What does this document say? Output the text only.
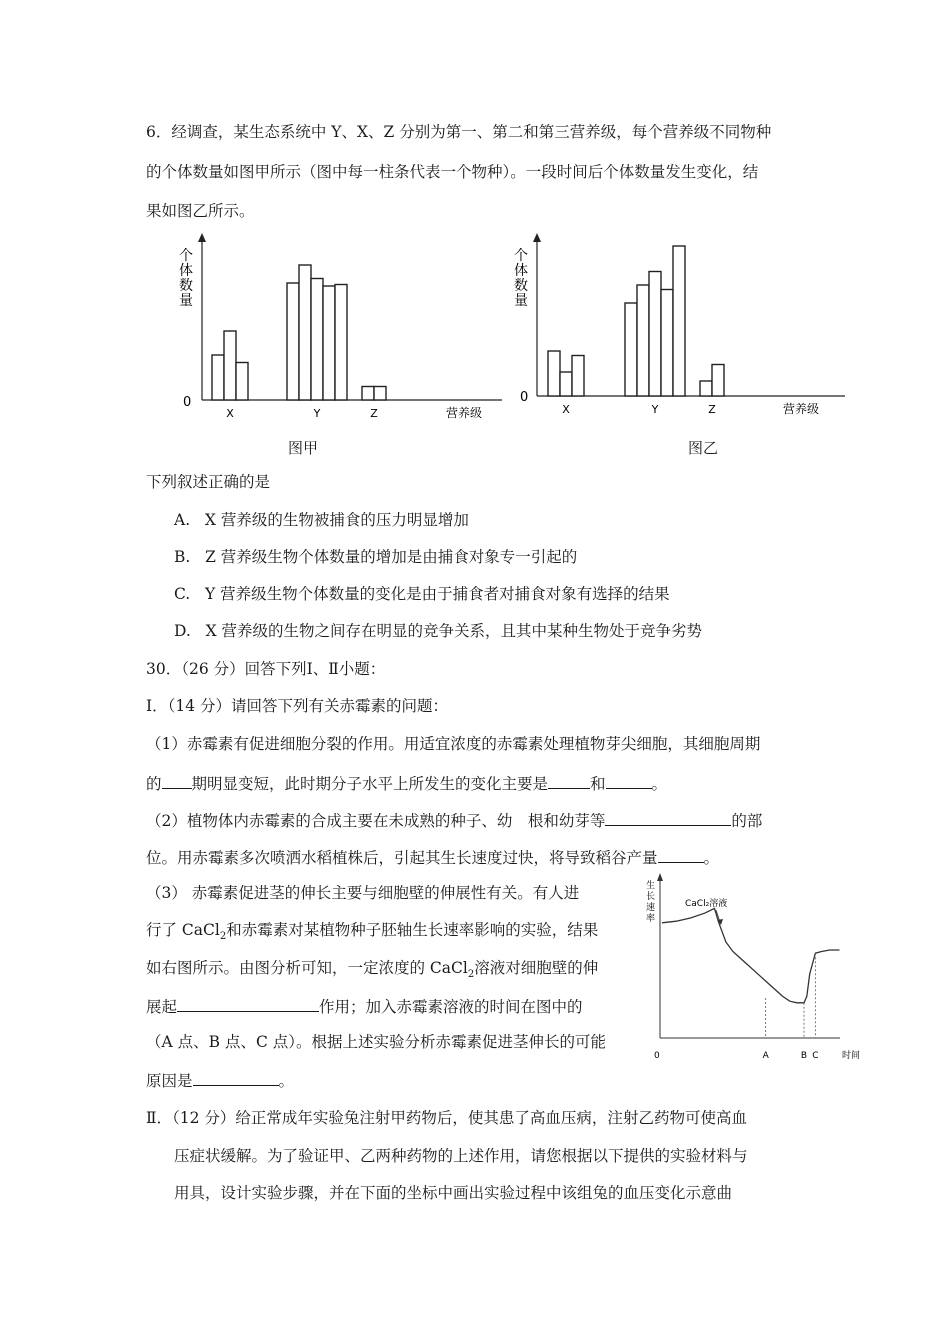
6．经调查，某生态系统中 Y、X、Z 分别为第一、第二和第三营养级，每个营养级不同物种
的个体数量如图甲所示（图中每一柱条代表一个物种）。一段时间后个体数量发生变化，结
果如图乙所示。
个
体
数
量
0
营养级
X	Y	Z
图甲
个
体
数
量
0
营养级
X	Y	Z
图乙
下列叙述正确的是
A. X 营养级的生物被捕食的压力明显增加
B. Z 营养级生物个体数量的增加是由捕食对象专一引起的
C. Y 营养级生物个体数量的变化是由于捕食者对捕食对象有选择的结果
D. X 营养级的生物之间存在明显的竞争关系，且其中某种生物处于竞争劣势
30．（26 分）回答下列Ⅰ、Ⅱ小题：
Ⅰ．（14 分）请回答下列有关赤霉素的问题：
（1）赤霉素有促进细胞分裂的作用。用适宜浓度的赤霉素处理植物芽尖细胞，其细胞周期
的 期明显变短，此时期分子水平上所发生的变化主要是	和	。
（2）植物体内赤霉素的合成主要在未成熟的种子、幼　根和幼芽等	的部
位。用赤霉素多次喷洒水稻植株后，引起其生长速度过快，将导致稻谷产量	。
（3） 赤霉素促进茎的伸长主要与细胞壁的伸展性有关。有人进
行了 CaCl$_2$和赤霉素对某植物种子胚轴生长速率影响的实验，结果
如右图所示。由图分析可知，一定浓度的 CaCl$_2$溶液对细胞壁的伸
展起	作用；加入赤霉素溶液的时间在图中的
（A 点、B 点、C 点）。根据上述实验分析赤霉素促进茎伸长的可能
原因是	。
生
长
速
率
0	时间
CaCl₂溶液
A	B C
Ⅱ．（12 分）给正常成年实验兔注射甲药物后，使其患了高血压病，注射乙药物可使高血
压症状缓解。为了验证甲、乙两种药物的上述作用，请您根据以下提供的实验材料与
用具，设计实验步骤，并在下面的坐标中画出实验过程中该组兔的血压变化示意曲
